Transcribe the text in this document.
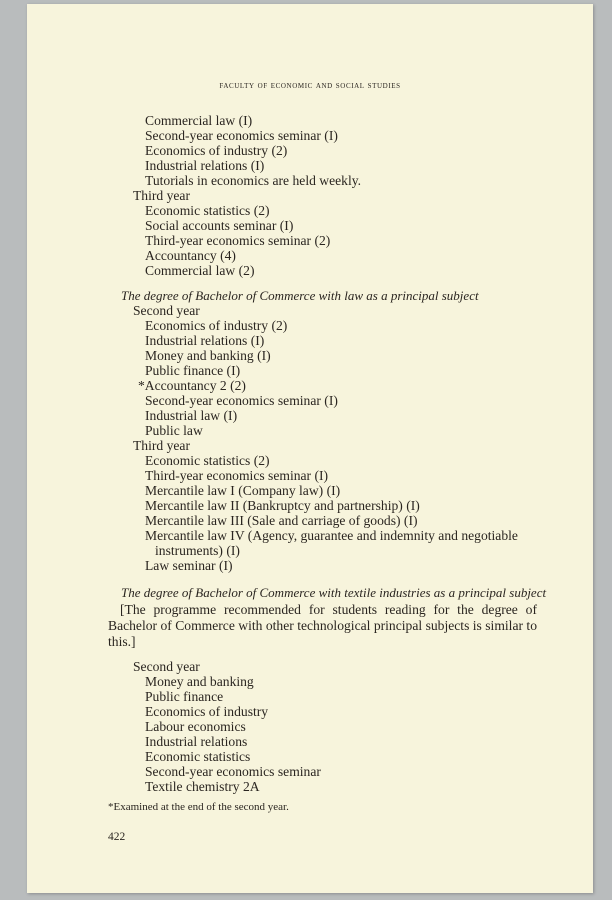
faculty of economic and social studies
Commercial law (I)
Second-year economics seminar (I)
Economics of industry (2)
Industrial relations (I)
Tutorials in economics are held weekly.
Third year
Economic statistics (2)
Social accounts seminar (I)
Third-year economics seminar (2)
Accountancy (4)
Commercial law (2)
The degree of Bachelor of Commerce with law as a principal subject
Second year
Economics of industry (2)
Industrial relations (I)
Money and banking (I)
Public finance (I)
*Accountancy 2 (2)
Second-year economics seminar (I)
Industrial law (I)
Public law
Third year
Economic statistics (2)
Third-year economics seminar (I)
Mercantile law I (Company law) (I)
Mercantile law II (Bankruptcy and partnership) (I)
Mercantile law III (Sale and carriage of goods) (I)
Mercantile law IV (Agency, guarantee and indemnity and negotiable
instruments) (I)
Law seminar (I)
The degree of Bachelor of Commerce with textile industries as a principal subject
[The programme recommended for students reading for the degree of Bachelor of Commerce with other technological principal subjects is similar to this.]
Second year
Money and banking
Public finance
Economics of industry
Labour economics
Industrial relations
Economic statistics
Second-year economics seminar
Textile chemistry 2A
*Examined at the end of the second year.
422
